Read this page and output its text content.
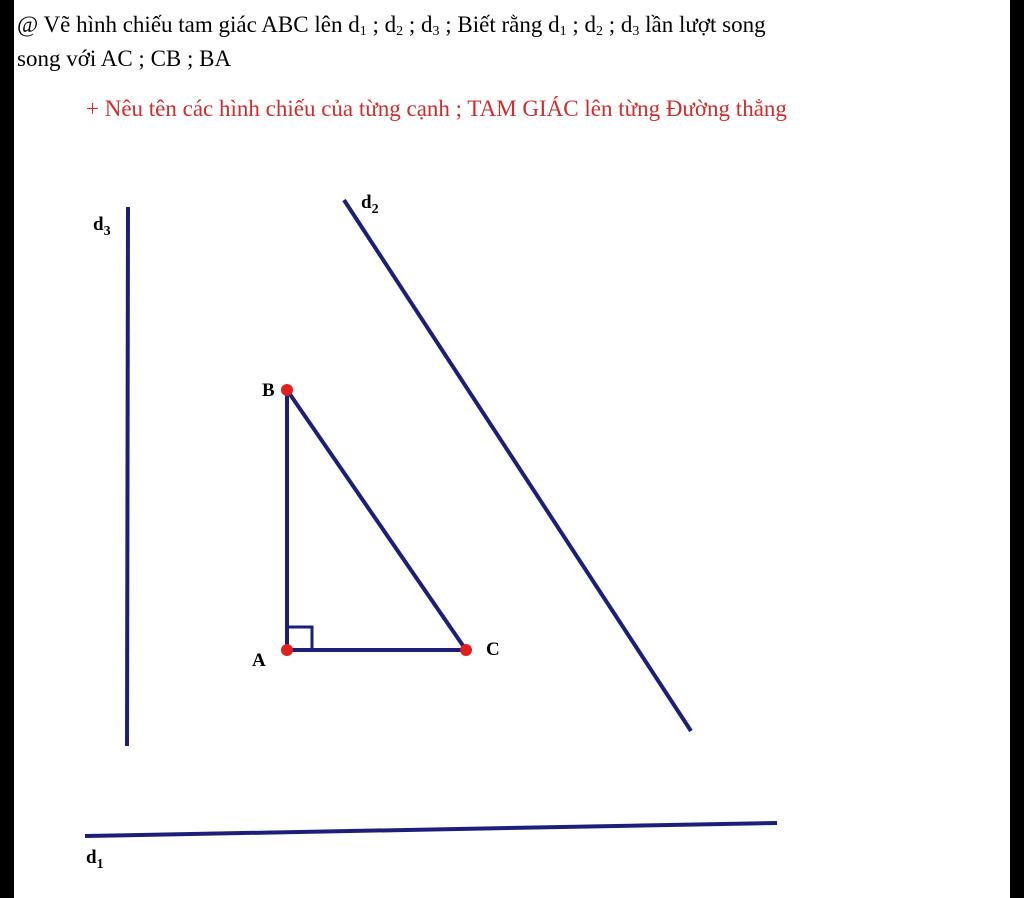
@ Vẽ hình chiếu tam giác ABC lên $d_1$ ; $d_2$ ; $d_3$ ; Biết rằng $d_1$ ; $d_2$ ; $d_3$ lần lượt song
song với AC ; CB ; BA
+ Nêu tên các hình chiếu của từng cạnh ; TAM GIÁC lên từng Đường thẳng
B
A
C
d3
d2
d1
